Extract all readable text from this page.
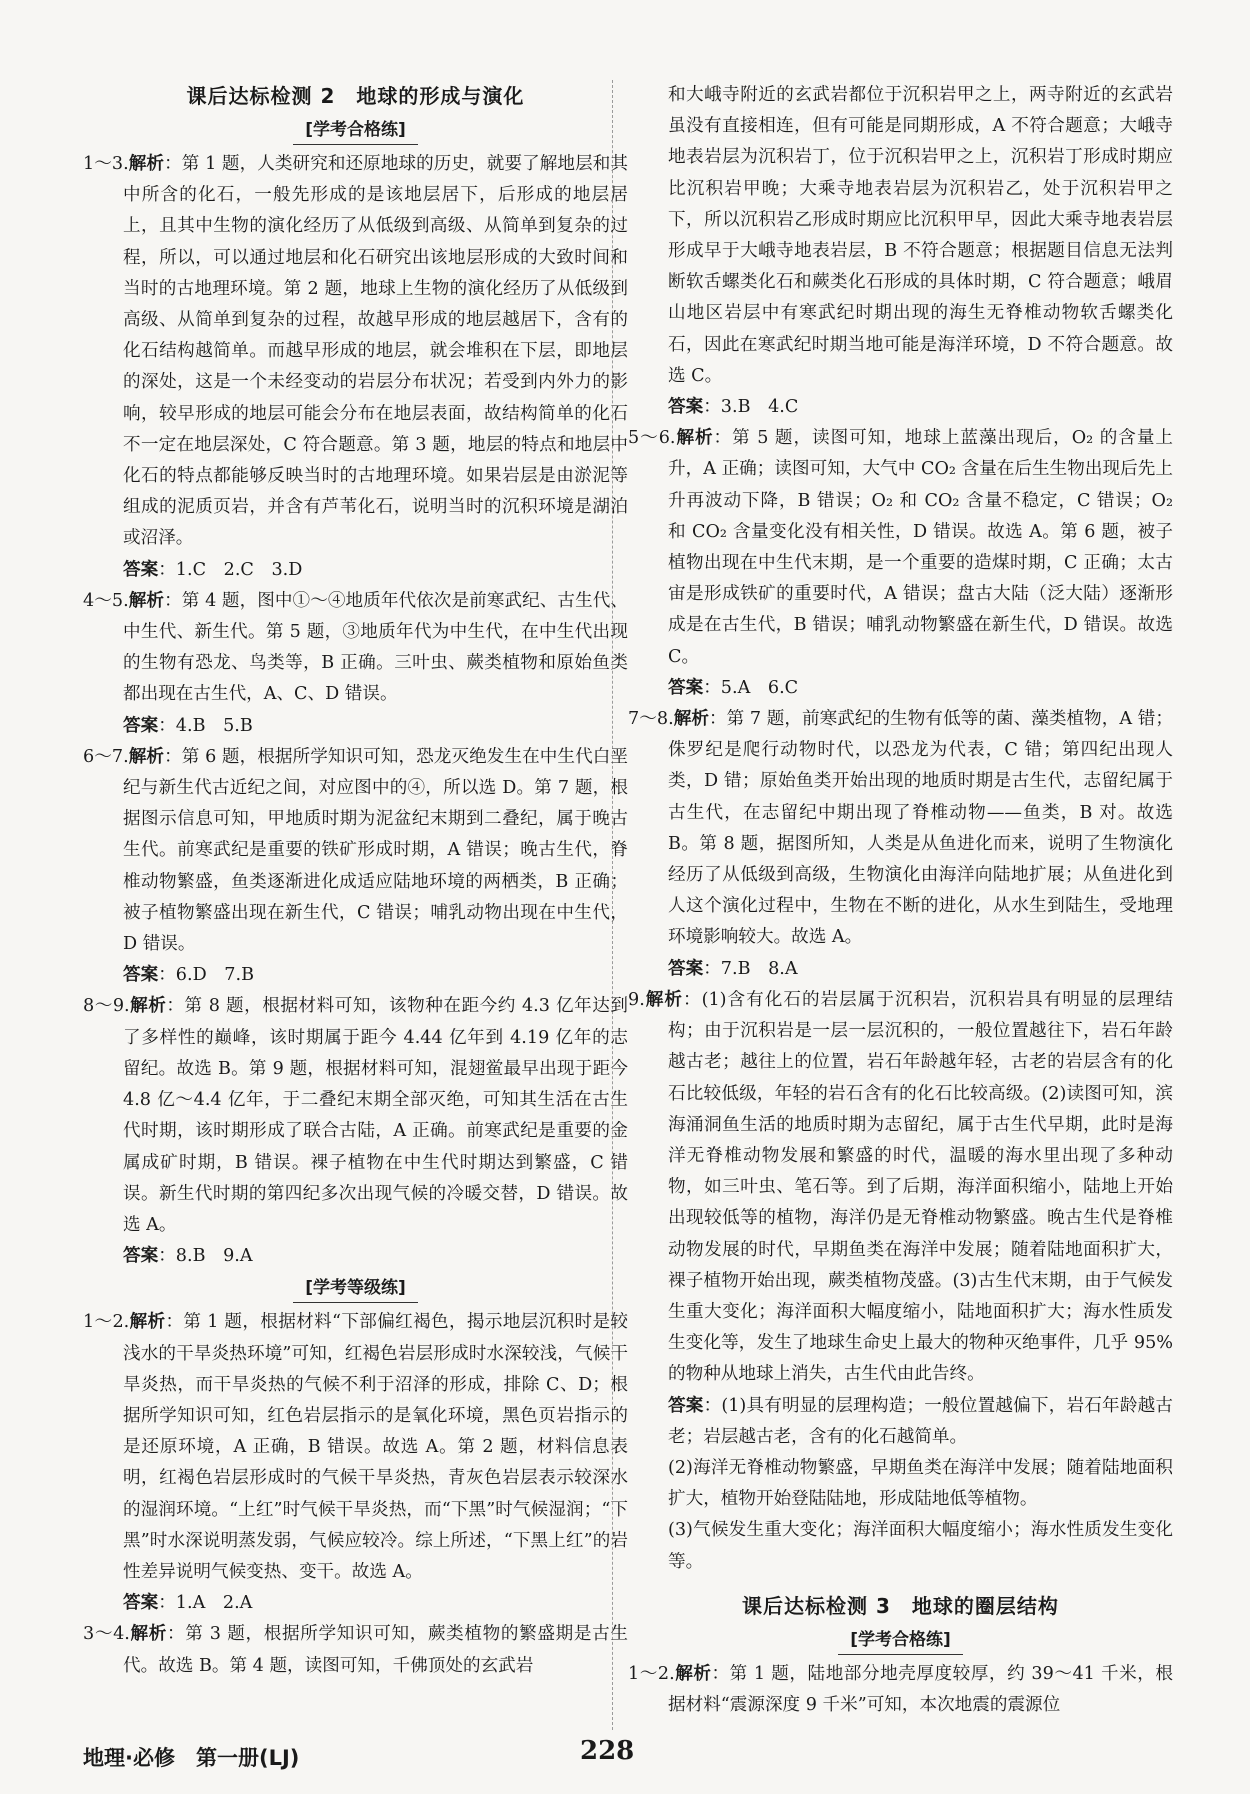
课后达标检测 2　地球的形成与演化
[ 学考合格练 ]

1～3.解析：第 1 题，人类研究和还原地球的历史，就要了解地层和其中所含的化石，一般先形成的是该地层居下，后形成的地层居上，且其中生物的演化经历了从低级到高级、从简单到复杂的过程，所以，可以通过地层和化石研究出该地层形成的大致时间和当时的古地理环境。第 2 题，地球上生物的演化经历了从低级到高级、从简单到复杂的过程，故越早形成的地层越居下，含有的化石结构越简单。而越早形成的地层，就会堆积在下层，即地层的深处，这是一个未经变动的岩层分布状况；若受到内外力的影响，较早形成的地层可能会分布在地层表面，故结构简单的化石不一定在地层深处，C 符合题意。第 3 题，地层的特点和地层中化石的特点都能够反映当时的古地理环境。如果岩层是由淤泥等组成的泥质页岩，并含有芦苇化石，说明当时的沉积环境是湖泊或沼泽。

答案：1.C　2.C　3.D

4～5.解析：第 4 题，图中①～④地质年代依次是前寒武纪、古生代、中生代、新生代。第 5 题，③地质年代为中生代，在中生代出现的生物有恐龙、鸟类等，B 正确。三叶虫、蕨类植物和原始鱼类都出现在古生代，A、C、D 错误。

答案：4.B　5.B

6～7.解析：第 6 题，根据所学知识可知，恐龙灭绝发生在中生代白垩纪与新生代古近纪之间，对应图中的④，所以选 D。第 7 题，根据图示信息可知，甲地质时期为泥盆纪末期到二叠纪，属于晚古生代。前寒武纪是重要的铁矿形成时期，A 错误；晚古生代，脊椎动物繁盛，鱼类逐渐进化成适应陆地环境的两栖类，B 正确；被子植物繁盛出现在新生代，C 错误；哺乳动物出现在中生代，D 错误。

答案：6.D　7.B

8～9.解析：第 8 题，根据材料可知，该物种在距今约 4.3 亿年达到了多样性的巅峰，该时期属于距今 4.44 亿年到 4.19 亿年的志留纪。故选 B。第 9 题，根据材料可知，混翅鲎最早出现于距今 4.8 亿～4.4 亿年，于二叠纪末期全部灭绝，可知其生活在古生代时期，该时期形成了联合古陆，A 正确。前寒武纪是重要的金属成矿时期，B 错误。裸子植物在中生代时期达到繁盛，C 错误。新生代时期的第四纪多次出现气候的冷暖交替，D 错误。故选 A。

答案：8.B　9.A

[ 学考等级练 ]

1～2.解析：第 1 题，根据材料“下部偏红褐色，揭示地层沉积时是较浅水的干旱炎热环境”可知，红褐色岩层形成时水深较浅，气候干旱炎热，而干旱炎热的气候不利于沼泽的形成，排除 C、D；根据所学知识可知，红色岩层指示的是氧化环境，黑色页岩指示的是还原环境，A 正确，B 错误。故选 A。第 2 题，材料信息表明，红褐色岩层形成时的气候干旱炎热，青灰色岩层表示较深水的湿润环境。“上红”时气候干旱炎热，而“下黑”时气候湿润；“下黑”时水深说明蒸发弱，气候应较冷。综上所述，“下黑上红”的岩性差异说明气候变热、变干。故选 A。

答案：1.A　2.A

3～4.解析：第 3 题，根据所学知识可知，蕨类植物的繁盛期是古生代。故选 B。第 4 题，读图可知，千佛顶处的玄武岩

和大峨寺附近的玄武岩都位于沉积岩甲之上，两寺附近的玄武岩虽没有直接相连，但有可能是同期形成，A 不符合题意；大峨寺地表岩层为沉积岩丁，位于沉积岩甲之上，沉积岩丁形成时期应比沉积岩甲晚；大乘寺地表岩层为沉积岩乙，处于沉积岩甲之下，所以沉积岩乙形成时期应比沉积甲早，因此大乘寺地表岩层形成早于大峨寺地表岩层，B 不符合题意；根据题目信息无法判断软舌螺类化石和蕨类化石形成的具体时期，C 符合题意；峨眉山地区岩层中有寒武纪时期出现的海生无脊椎动物软舌螺类化石，因此在寒武纪时期当地可能是海洋环境，D 不符合题意。故选 C。

答案：3.B　4.C

5～6.解析：第 5 题，读图可知，地球上蓝藻出现后，O₂ 的含量上升，A 正确；读图可知，大气中 CO₂ 含量在后生生物出现后先上升再波动下降，B 错误；O₂ 和 CO₂ 含量不稳定，C 错误；O₂ 和 CO₂ 含量变化没有相关性，D 错误。故选 A。第 6 题，被子植物出现在中生代末期，是一个重要的造煤时期，C 正确；太古宙是形成铁矿的重要时代，A 错误；盘古大陆（泛大陆）逐渐形成是在古生代，B 错误；哺乳动物繁盛在新生代，D 错误。故选 C。

答案：5.A　6.C

7～8.解析：第 7 题，前寒武纪的生物有低等的菌、藻类植物，A 错；侏罗纪是爬行动物时代，以恐龙为代表，C 错；第四纪出现人类，D 错；原始鱼类开始出现的地质时期是古生代，志留纪属于古生代，在志留纪中期出现了脊椎动物——鱼类，B 对。故选 B。第 8 题，据图所知，人类是从鱼进化而来，说明了生物演化经历了从低级到高级，生物演化由海洋向陆地扩展；从鱼进化到人这个演化过程中，生物在不断的进化，从水生到陆生，受地理环境影响较大。故选 A。

答案：7.B　8.A

9.解析：(1)含有化石的岩层属于沉积岩，沉积岩具有明显的层理结构；由于沉积岩是一层一层沉积的，一般位置越往下，岩石年龄越古老；越往上的位置，岩石年龄越年轻，古老的岩层含有的化石比较低级，年轻的岩石含有的化石比较高级。(2)读图可知，滨海涌洞鱼生活的地质时期为志留纪，属于古生代早期，此时是海洋无脊椎动物发展和繁盛的时代，温暖的海水里出现了多种动物，如三叶虫、笔石等。到了后期，海洋面积缩小，陆地上开始出现较低等的植物，海洋仍是无脊椎动物繁盛。晚古生代是脊椎动物发展的时代，早期鱼类在海洋中发展；随着陆地面积扩大，裸子植物开始出现，蕨类植物茂盛。(3)古生代末期，由于气候发生重大变化；海洋面积大幅度缩小，陆地面积扩大；海水性质发生变化等，发生了地球生命史上最大的物种灭绝事件，几乎 95% 的物种从地球上消失，古生代由此告终。

答案：(1)具有明显的层理构造；一般位置越偏下，岩石年龄越古老；岩层越古老，含有的化石越简单。

(2)海洋无脊椎动物繁盛，早期鱼类在海洋中发展；随着陆地面积扩大，植物开始登陆陆地，形成陆地低等植物。

(3)气候发生重大变化；海洋面积大幅度缩小；海水性质发生变化等。

课后达标检测 3　地球的圈层结构
[ 学考合格练 ]

1～2.解析：第 1 题，陆地部分地壳厚度较厚，约 39～41 千米，根据材料“震源深度 9 千米”可知，本次地震的震源位

地理·必修　第一册(LJ)	228
